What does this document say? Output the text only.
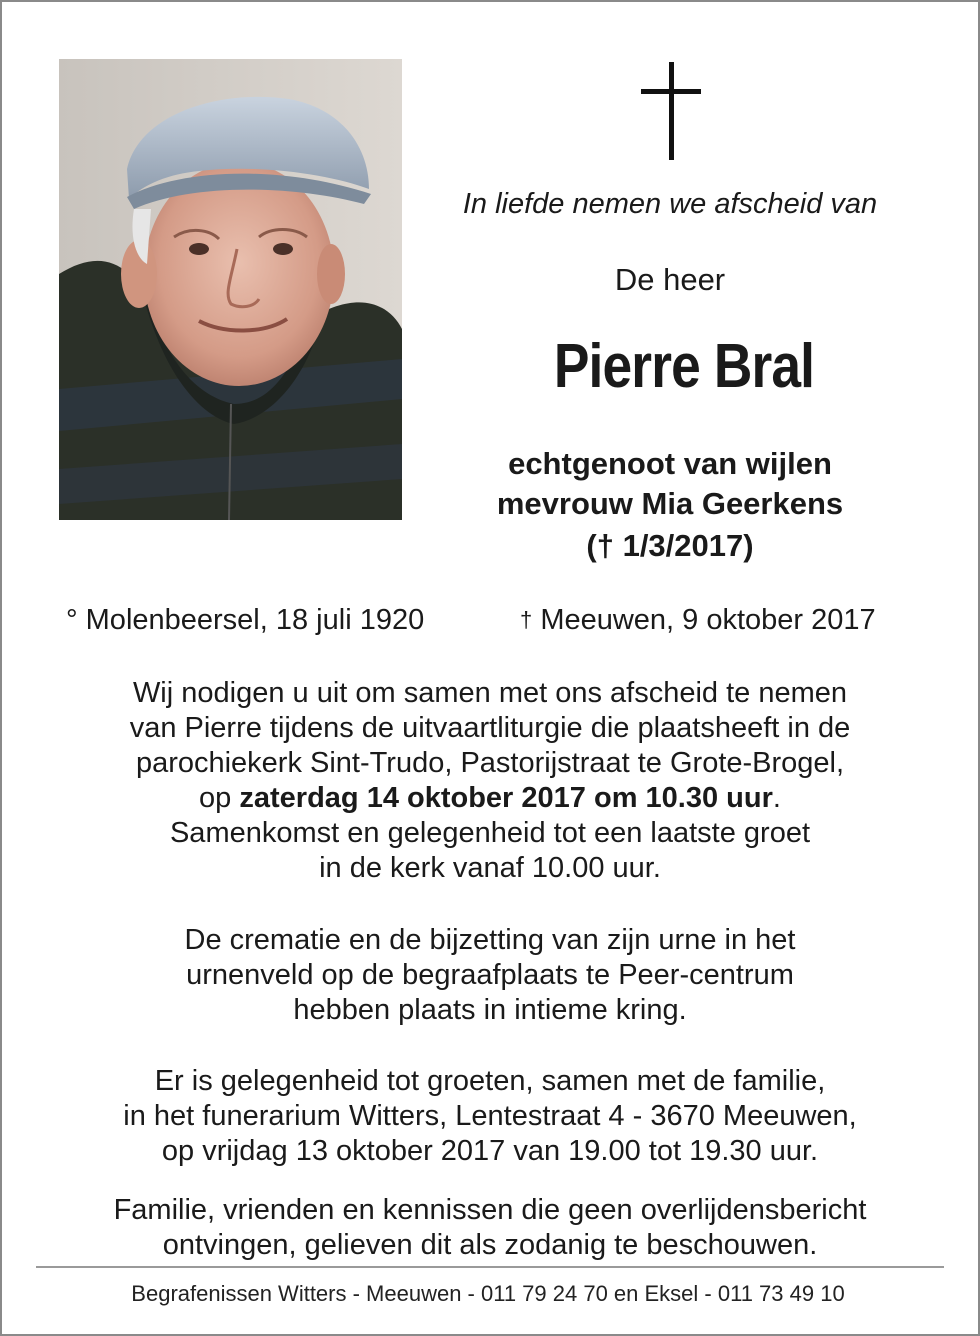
In liefde nemen we afscheid van
De heer
Pierre Bral
echtgenoot van wijlen
mevrouw Mia Geerkens
(† 1/3/2017)
° Molenbeersel, 18 juli 1920	† Meeuwen, 9 oktober 2017
Wij nodigen u uit om samen met ons afscheid te nemen
van Pierre tijdens de uitvaartliturgie die plaatsheeft in de
parochiekerk Sint-Trudo, Pastorijstraat te Grote-Brogel,
op zaterdag 14 oktober 2017 om 10.30 uur.
Samenkomst en gelegenheid tot een laatste groet
in de kerk vanaf 10.00 uur.
De crematie en de bijzetting van zijn urne in het
urnenveld op de begraafplaats te Peer-centrum
hebben plaats in intieme kring.
Er is gelegenheid tot groeten, samen met de familie,
in het funerarium Witters, Lentestraat 4 - 3670 Meeuwen,
op vrijdag 13 oktober 2017 van 19.00 tot 19.30 uur.
Familie, vrienden en kennissen die geen overlijdensbericht
ontvingen, gelieven dit als zodanig te beschouwen.
Begrafenissen Witters - Meeuwen - 011 79 24 70 en Eksel - 011 73 49 10
